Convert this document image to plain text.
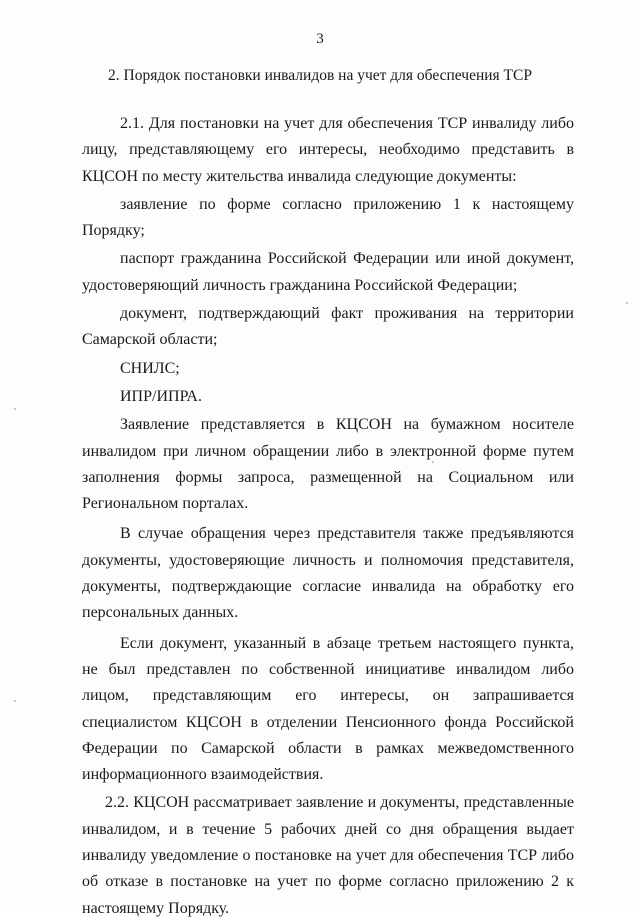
3
2. Порядок постановки инвалидов на учет для обеспечения ТСР

2.1. Для постановки на учет для обеспечения ТСР инвалиду либо лицу, представляющему его интересы, необходимо представить в КЦСОН по месту жительства инвалида следующие документы:

заявление по форме согласно приложению 1 к настоящему Порядку;

паспорт гражданина Российской Федерации или иной документ, удостоверяющий личность гражданина Российской Федерации;

документ, подтверждающий факт проживания на территории Самарской области;

СНИЛС;

ИПР/ИПРА.

Заявление представляется в КЦСОН на бумажном носителе инвалидом при личном обращении либо в электронной форме путем заполнения формы запроса, размещенной на Социальном или Региональном порталах.

В случае обращения через представителя также предъявляются документы, удостоверяющие личность и полномочия представителя, документы, подтверждающие согласие инвалида на обработку его персональных данных.

Если документ, указанный в абзаце третьем настоящего пункта, не был представлен по собственной инициативе инвалидом либо лицом, представляющим его интересы, он запрашивается специалистом КЦСОН в отделении Пенсионного фонда Российской Федерации по Самарской области в рамках межведомственного информационного взаимодействия.

2.2. КЦСОН рассматривает заявление и документы, представленные инвалидом, и в течение 5 рабочих дней со дня обращения выдает инвалиду уведомление о постановке на учет для обеспечения ТСР либо об отказе в постановке на учет по форме согласно приложению 2 к настоящему Порядку.
